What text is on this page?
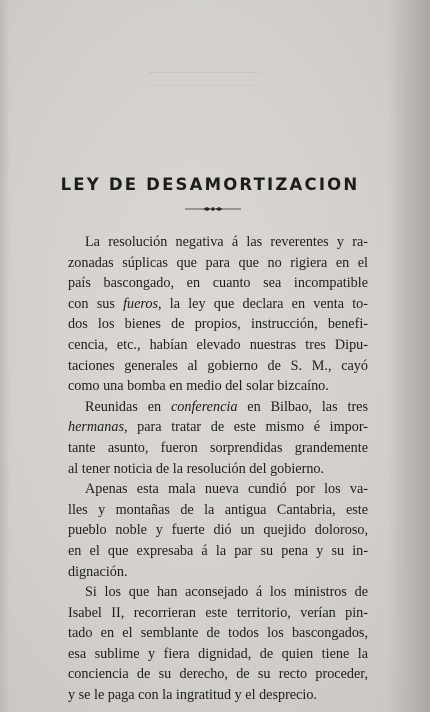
LEY DE DESAMORTIZACION
La resolución negativa á las reverentes y ra-
zonadas súplicas que para que no rigiera en el
país bascongado, en cuanto sea incompatible
con sus fueros, la ley que declara en venta to-
dos los bienes de propios, instrucción, benefi-
cencia, etc., habían elevado nuestras tres Dipu-
taciones generales al gobierno de S. M., cayó
como una bomba en medio del solar bizcaíno.
Reunidas en conferencia en Bilbao, las tres
hermanas, para tratar de este mismo é impor-
tante asunto, fueron sorprendidas grandemente
al tener noticia de la resolución del gobierno.
Apenas esta mala nueva cundió por los va-
lles y montañas de la antigua Cantabria, este
pueblo noble y fuerte dió un quejido doloroso,
en el que expresaba á la par su pena y su in-
dignación.
Si los que han aconsejado á los ministros de
Isabel II, recorrieran este territorio, verían pin-
tado en el semblante de todos los bascongados,
esa sublime y fiera dignidad, de quien tiene la
conciencia de su derecho, de su recto proceder,
y se le paga con la ingratitud y el desprecio.
